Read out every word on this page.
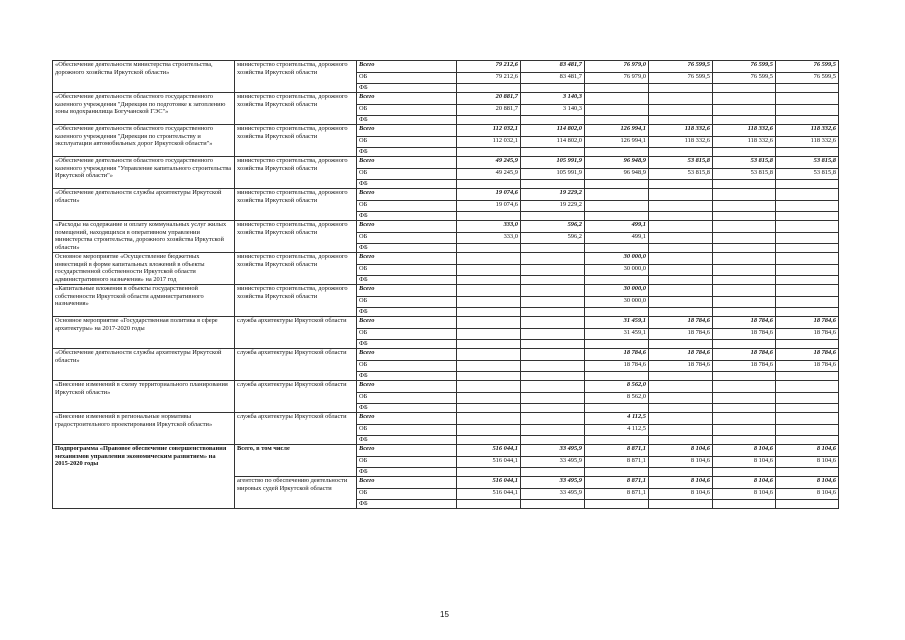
«Обеспечение деятельности министерства строительства, дорожного хозяйства Иркутской области»	министерство строительства, дорожного хозяйства Иркутской области	Всего	79 212,6	83 481,7	76 979,0	76 599,5	76 599,5	76 599,5
		ОБ	79 212,6	83 481,7	76 979,0	76 599,5	76 599,5	76 599,5
		ФБ						
«Обеспечение деятельности областного государственного казенного учреждения "Дирекция по подготовке к затоплению зоны водохранилища Богучанской ГЭС"»	министерство строительства, дорожного хозяйства Иркутской области	Всего	20 881,7	3 140,3				
		ОБ	20 881,7	3 140,3				
		ФБ						
«Обеспечение деятельности областного государственного казенного учреждения "Дирекция по строительству и эксплуатации автомобильных дорог Иркутской области"»	министерство строительства, дорожного хозяйства Иркутской области	Всего	112 032,1	114 802,0	126 994,1	118 332,6	118 332,6	118 332,6
		ОБ	112 032,1	114 802,0	126 994,1	118 332,6	118 332,6	118 332,6
		ФБ						
«Обеспечение деятельности областного государственного казенного учреждения "Управление капитального строительства Иркутской области"»	министерство строительства, дорожного хозяйства Иркутской области	Всего	49 245,9	105 991,9	96 948,9	53 815,8	53 815,8	53 815,8
		ОБ	49 245,9	105 991,9	96 948,9	53 815,8	53 815,8	53 815,8
		ФБ						
«Обеспечение деятельности службы архитектуры Иркутской области»	министерство строительства, дорожного хозяйства Иркутской области	Всего	19 074,6	19 229,2				
		ОБ	19 074,6	19 229,2				
		ФБ						
«Расходы на содержание и оплату коммунальных услуг жилых помещений, находящихся в оперативном управлении министерства строительства, дорожного хозяйства Иркутской области»	министерство строительства, дорожного хозяйства Иркутской области	Всего	333,0	596,2	499,1			
		ОБ	333,0	596,2	499,1			
		ФБ						
Основное мероприятие «Осуществление бюджетных инвестиций в форме капитальных вложений в объекты государственной собственности Иркутской области административного назначения» на 2017 год	министерство строительства, дорожного хозяйства Иркутской области	Всего			30 000,0			
		ОБ			30 000,0			
		ФБ						
«Капитальные вложения в объекты государственной собственности Иркутской области административного назначения»	министерство строительства, дорожного хозяйства Иркутской области	Всего			30 000,0			
		ОБ			30 000,0			
		ФБ						
Основное мероприятие «Государственная политика в сфере архитектуры» на 2017-2020 годы	служба архитектуры Иркутской области	Всего			31 459,1	18 784,6	18 784,6	18 784,6
		ОБ			31 459,1	18 784,6	18 784,6	18 784,6
		ФБ						
«Обеспечение деятельности службы архитектуры Иркутской области»	служба архитектуры Иркутской области	Всего			18 784,6	18 784,6	18 784,6	18 784,6
		ОБ			18 784,6	18 784,6	18 784,6	18 784,6
		ФБ						
«Внесение изменений в схему территориального планирования Иркутской области»	служба архитектуры Иркутской области	Всего			8 562,0			
		ОБ			8 562,0			
		ФБ						
«Внесение изменений в региональные нормативы градостроительного проектирования Иркутской области»	служба архитектуры Иркутской области	Всего			4 112,5			
		ОБ			4 112,5			
		ФБ						
Подпрограмма «Правовое обеспечение совершенствования механизмов управления экономическим развитием» на 2015-2020 годы	Всего, в том числе	Всего	516 044,1	33 495,9	8 871,1	8 104,6	8 104,6	8 104,6
		ОБ	516 044,1	33 495,9	8 871,1	8 104,6	8 104,6	8 104,6
		ФБ						
	агентство по обеспечению деятельности мировых судей Иркутской области	Всего	516 044,1	33 495,9	8 871,1	8 104,6	8 104,6	8 104,6
		ОБ	516 044,1	33 495,9	8 871,1	8 104,6	8 104,6	8 104,6
		ФБ						
15
